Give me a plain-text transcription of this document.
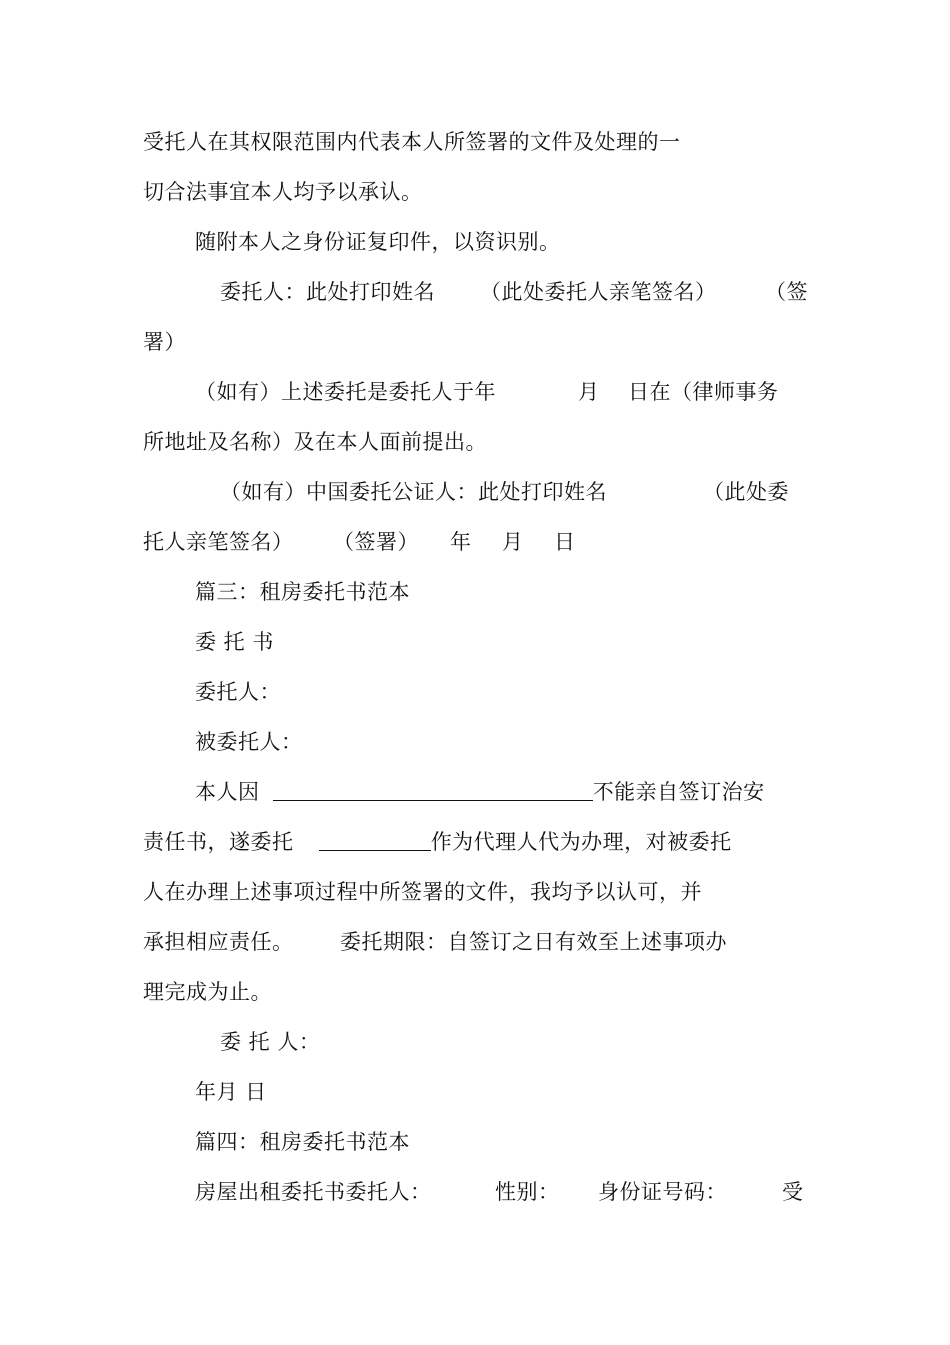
受托人在其权限范围内代表本人所签署的文件及处理的一
切合法事宜本人均予以承认。
随附本人之身份证复印件，以资识别。
委托人：此处打印姓名 （此处委托人亲笔签名） （签
署）
（如有）上述委托是委托人于年	月 日在（律师事务
所地址及名称）及在本人面前提出。
（如有）中国委托公证人：此处打印姓名	（此处委
托人亲笔签名） （签署） 年 月 日
篇三：租房委托书范本
委 托 书
委托人：
被委托人：
本人因	不能亲自签订治安
责任书，遂委托	作为代理人代为办理，对被委托
人在办理上述事项过程中所签署的文件，我均予以认可，并
承担相应责任。 委托期限：自签订之日有效至上述事项办
理完成为止。
委 托 人：
年月 日
篇四：租房委托书范本
房屋出租委托书委托人：	性别： 身份证号码：	受
